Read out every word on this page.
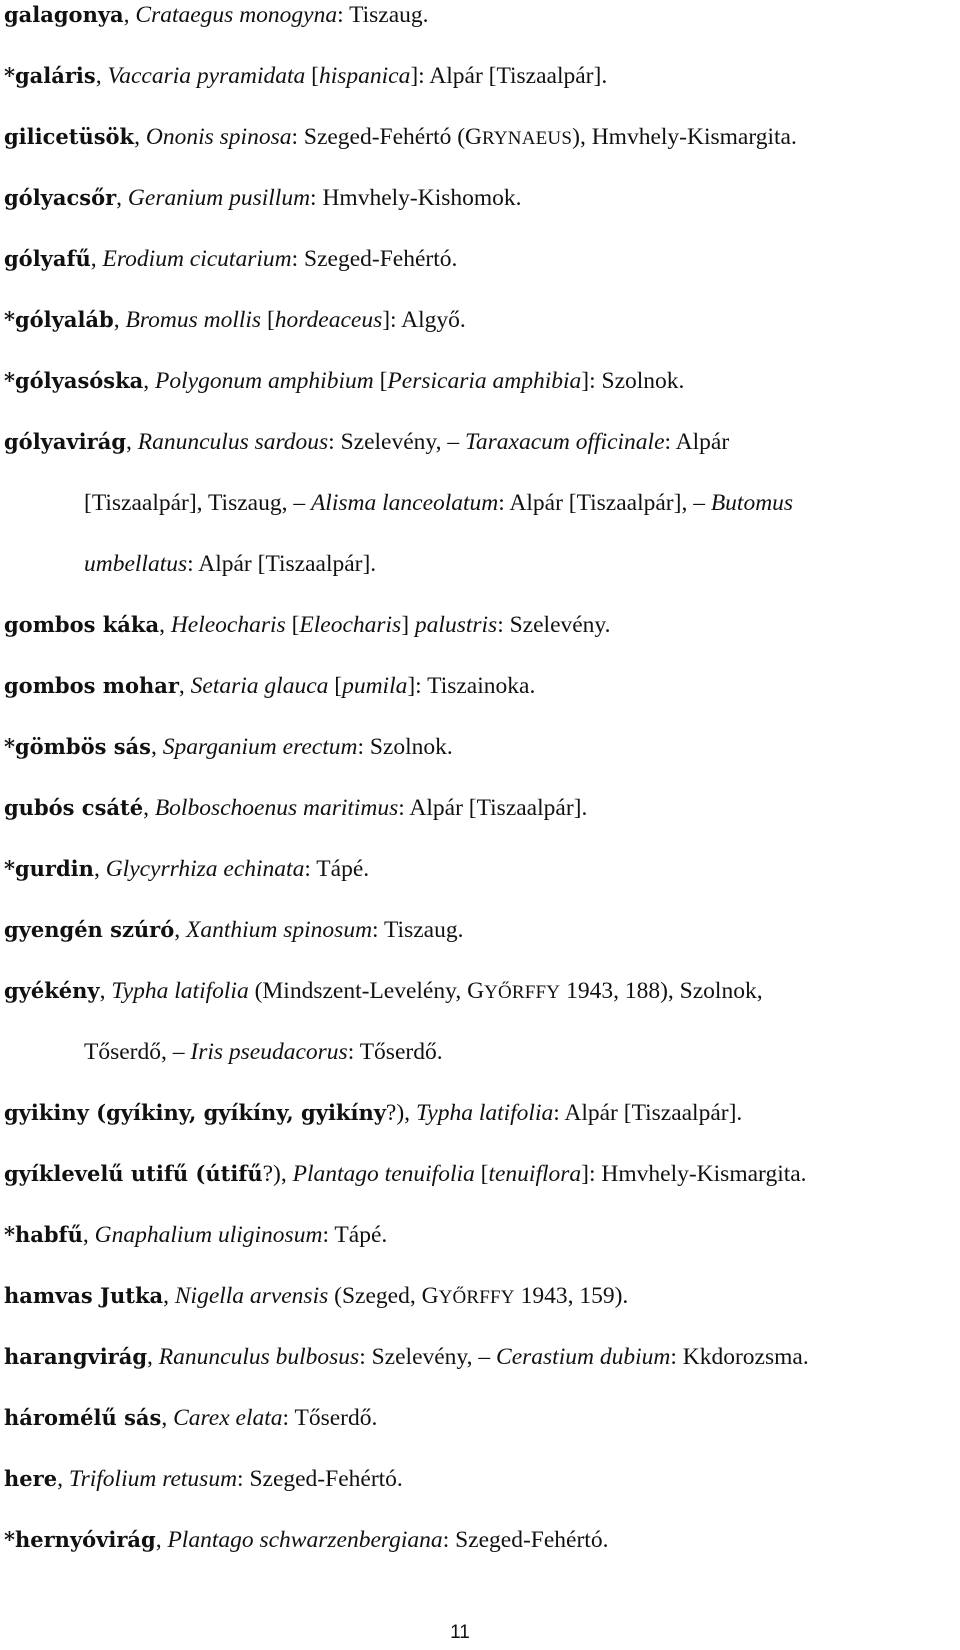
galagonya, Crataegus monogyna: Tiszaug.
*galáris, Vaccaria pyramidata [hispanica]: Alpár [Tiszaalpár].
gilicetüsök, Ononis spinosa: Szeged-Fehértó (GRYNAEUS), Hmvhely-Kismargita.
gólyacsőr, Geranium pusillum: Hmvhely-Kishomok.
gólyafű, Erodium cicutarium: Szeged-Fehértó.
*gólyaláb, Bromus mollis [hordeaceus]: Algyő.
*gólyasóska, Polygonum amphibium [Persicaria amphibia]: Szolnok.
gólyavirág, Ranunculus sardous: Szelevény, – Taraxacum officinale: Alpár
[Tiszaalpár], Tiszaug, – Alisma lanceolatum: Alpár [Tiszaalpár], – Butomus
umbellatus: Alpár [Tiszaalpár].
gombos káka, Heleocharis [Eleocharis] palustris: Szelevény.
gombos mohar, Setaria glauca [pumila]: Tiszainoka.
*gömbös sás, Sparganium erectum: Szolnok.
gubós csáté, Bolboschoenus maritimus: Alpár [Tiszaalpár].
*gurdin, Glycyrrhiza echinata: Tápé.
gyengén szúró, Xanthium spinosum: Tiszaug.
gyékény, Typha latifolia (Mindszent-Levelény, GYŐRFFY 1943, 188), Szolnok,
Tőserdő, – Iris pseudacorus: Tőserdő.
gyikiny (gyíkiny, gyíkíny, gyikíny?), Typha latifolia: Alpár [Tiszaalpár].
gyíklevelű utifű (útifű?), Plantago tenuifolia [tenuiflora]: Hmvhely-Kismargita.
*habfű, Gnaphalium uliginosum: Tápé.
hamvas Jutka, Nigella arvensis (Szeged, GYŐRFFY 1943, 159).
harangvirág, Ranunculus bulbosus: Szelevény, – Cerastium dubium: Kkdorozsma.
háromélű sás, Carex elata: Tőserdő.
here, Trifolium retusum: Szeged-Fehértó.
*hernyóvirág, Plantago schwarzenbergiana: Szeged-Fehértó.
11
